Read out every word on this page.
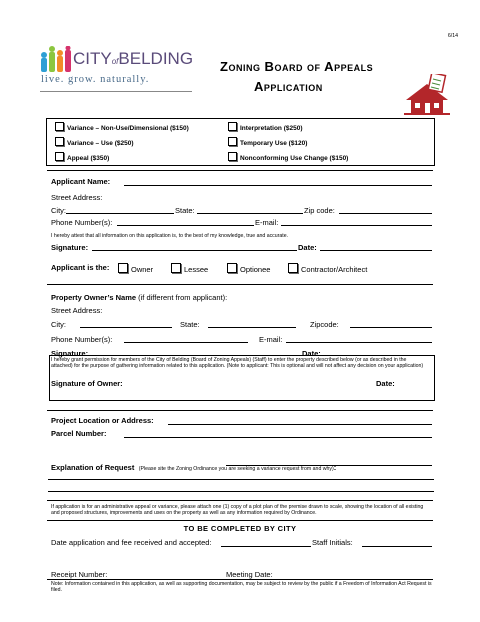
6/14
CITYofBELDING
live. grow. naturally.
Zoning Board of Appeals
Application
Variance – Non-Use/Dimensional ($150)	Interpretation ($250)
Variance – Use ($250)	Temporary Use ($120)
Appeal ($350)	Nonconforming Use Change ($150)
Applicant Name:
Street Address:
City:	State:	Zip code:
Phone Number(s):	E-mail:
I hereby attest that all information on this application is, to the best of my knowledge, true and accurate.
Signature:	Date:
Applicant is the:	Owner	Lessee	Optionee	Contractor/Architect
Property Owner’s Name (if different from applicant):
Street Address:
City:	State:	Zipcode:
Phone Number(s):	E-mail:
Signature:	Date:
I hereby grant permission for members of the City of Belding (Board of Zoning Appeals) (Staff) to enter the property described below (or as described in the attached) for the purpose of gathering information related to this application. (Note to applicant: This is optional and will not affect any decision on your application)
Signature of Owner:	Date:
Project Location or Address:
Parcel Number:
Explanation of Request (Please site the Zoning Ordinance you are seeking a variance request from and why):
If application is for an administrative appeal or variance, please attach one (1) copy of a plot plan of the premise drawn to scale, showing the location of all existing and proposed structures, improvements and uses on the property as well as any information required by Ordinance.
TO BE COMPLETED BY CITY
Date application and fee received and accepted:	Staff Initials:
Receipt Number:	Meeting Date:
Note: Information contained in this application, as well as supporting documentation, may be subject to review by the public if a Freedom of Information Act Request is filed.
